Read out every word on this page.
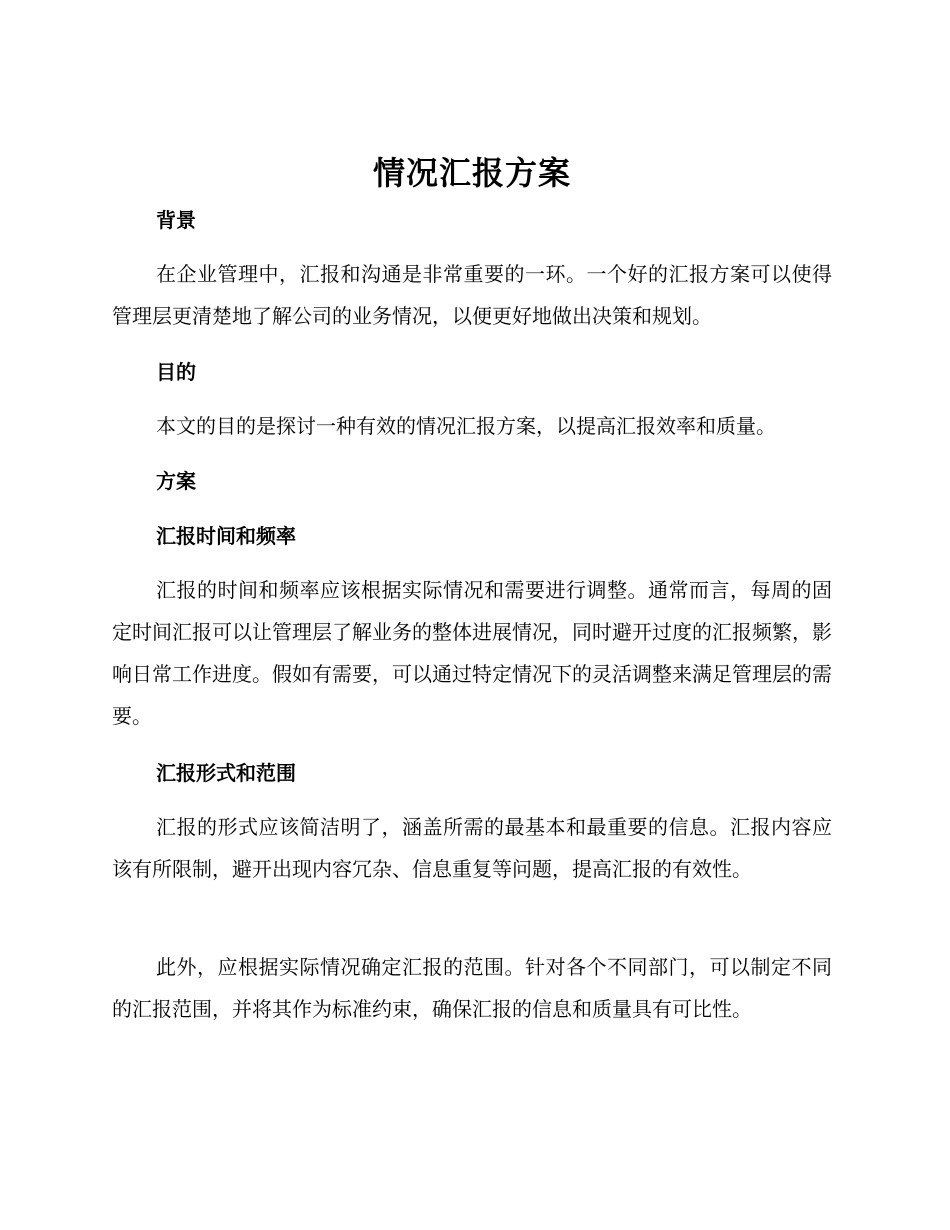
情况汇报方案
背景
在企业管理中，汇报和沟通是非常重要的一环。一个好的汇报方案可以使得管理层更清楚地了解公司的业务情况，以便更好地做出决策和规划。
目的
本文的目的是探讨一种有效的情况汇报方案，以提高汇报效率和质量。
方案
汇报时间和频率
汇报的时间和频率应该根据实际情况和需要进行调整。通常而言，每周的固定时间汇报可以让管理层了解业务的整体进展情况，同时避开过度的汇报频繁，影响日常工作进度。假如有需要，可以通过特定情况下的灵活调整来满足管理层的需要。
汇报形式和范围
汇报的形式应该简洁明了，涵盖所需的最基本和最重要的信息。汇报内容应该有所限制，避开出现内容冗杂、信息重复等问题，提高汇报的有效性。
此外，应根据实际情况确定汇报的范围。针对各个不同部门，可以制定不同的汇报范围，并将其作为标准约束，确保汇报的信息和质量具有可比性。
